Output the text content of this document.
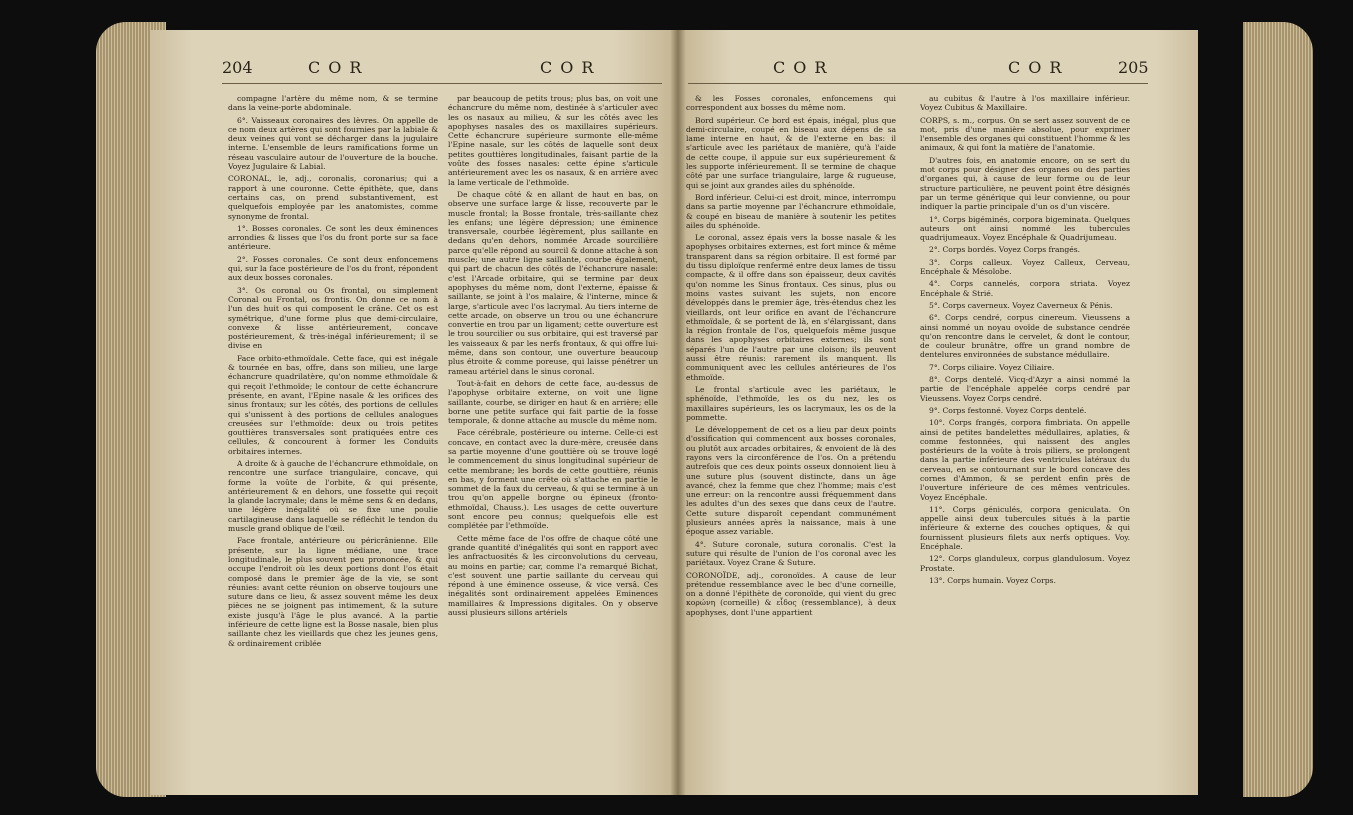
204	COR	COR

compagne l'artère du même nom, & se termine dans la veine-porte abdominale.

6°. Vaisseaux coronaires des lèvres. On appelle de ce nom deux artères qui sont fournies par la labiale & deux veines qui vont se décharger dans la jugulaire interne. L'ensemble de leurs ramifications forme un réseau vasculaire autour de l'ouverture de la bouche. Voyez Jugulaire & Labial.

CORONAL, le, adj., coronalis, coronarius; qui a rapport à une couronne. Cette épithète, que, dans certains cas, on prend substantivement, est quelquefois employée par les anatomistes, comme synonyme de frontal.

1°. Bosses coronales. Ce sont les deux éminences arrondies & lisses que l'os du front porte sur sa face antérieure.

2°. Fosses coronales. Ce sont deux enfoncemens qui, sur la face postérieure de l'os du front, répondent aux deux bosses coronales.

3°. Os coronal ou Os frontal, ou simplement Coronal ou Frontal, os frontis. On donne ce nom à l'un des huit os qui composent le crâne. Cet os est symétrique, d'une forme plus que demi-circulaire, convexe & lisse antérieurement, concave postérieurement, & très-inégal inférieurement; il se divise en

Face orbito-ethmoïdale. Cette face, qui est inégale & tournée en bas, offre, dans son milieu, une large échancrure quadrilatère, qu'on nomme ethmoïdale & qui reçoit l'ethmoïde; le contour de cette échancrure présente, en avant, l'Epine nasale & les orifices des sinus frontaux; sur les côtés, des portions de cellules qui s'unissent à des portions de cellules analogues creusées sur l'ethmoïde: deux ou trois petites gouttières transversales sont pratiquées entre ces cellules, & concourent à former les Conduits orbitaires internes.

A droite & à gauche de l'échancrure ethmoïdale, on rencontre une surface triangulaire, concave, qui forme la voûte de l'orbite, & qui présente, antérieurement & en dehors, une fossette qui reçoit la glande lacrymale; dans le même sens & en dedans, une légère inégalité où se fixe une poulie cartilagineuse dans laquelle se réfléchit le tendon du muscle grand oblique de l'œil.

Face frontale, antérieure ou péricrânienne. Elle présente, sur la ligne médiane, une trace longitudinale, le plus souvent peu prononcée, & qui occupe l'endroit où les deux portions dont l'os était composé dans le premier âge de la vie, se sont réunies: avant cette réunion on observe toujours une suture dans ce lieu, & assez souvent même les deux pièces ne se joignent pas intimement, & la suture existe jusqu'à l'âge le plus avancé. A la partie inférieure de cette ligne est la Bosse nasale, bien plus saillante chez les vieillards que chez les jeunes gens, & ordinairement criblée

par beaucoup de petits trous; plus bas, on voit une échancrure du même nom, destinée à s'articuler avec les os nasaux au milieu, & sur les côtés avec les apophyses nasales des os maxillaires supérieurs. Cette échancrure supérieure surmonte elle-même l'Epine nasale, sur les côtés de laquelle sont deux petites gouttières longitudinales, faisant partie de la voûte des fosses nasales: cette épine s'articule antérieurement avec les os nasaux, & en arrière avec la lame verticale de l'ethmoïde.

De chaque côté & en allant de haut en bas, on observe une surface large & lisse, recouverte par le muscle frontal; la Bosse frontale, très-saillante chez les enfans; une légère dépression; une éminence transversale, courbée légèrement, plus saillante en dedans qu'en dehors, nommée Arcade sourcilière parce qu'elle répond au sourcil & donne attache à son muscle; une autre ligne saillante, courbe également, qui part de chacun des côtés de l'échancrure nasale: c'est l'Arcade orbitaire, qui se termine par deux apophyses du même nom, dont l'externe, épaisse & saillante, se joint à l'os malaire, & l'interne, mince & large, s'articule avec l'os lacrymal. Au tiers interne de cette arcade, on observe un trou ou une échancrure convertie en trou par un ligament; cette ouverture est le trou sourcilier ou sus orbitaire, qui est traversé par les vaisseaux & par les nerfs frontaux, & qui offre lui-même, dans son contour, une ouverture beaucoup plus étroite & comme poreuse, qui laisse pénétrer un rameau artériel dans le sinus coronal.

Tout-à-fait en dehors de cette face, au-dessus de l'apophyse orbitaire externe, on voit une ligne saillante, courbe, se diriger en haut & en arrière; elle borne une petite surface qui fait partie de la fosse temporale, & donne attache au muscle du même nom.

Face cérébrale, postérieure ou interne. Celle-ci est concave, en contact avec la dure-mère, creusée dans sa partie moyenne d'une gouttière où se trouve logé le commencement du sinus longitudinal supérieur de cette membrane; les bords de cette gouttière, réunis en bas, y forment une crête où s'attache en partie le sommet de la faux du cerveau, & qui se termine à un trou qu'on appelle borgne ou épineux (fronto-ethmoïdal, Chauss.). Les usages de cette ouverture sont encore peu connus; quelquefois elle est complétée par l'ethmoïde.

Cette même face de l'os offre de chaque côté une grande quantité d'inégalités qui sont en rapport avec les anfractuosités & les circonvolutions du cerveau, au moins en partie; car, comme l'a remarqué Bichat, c'est souvent une partie saillante du cerveau qui répond à une éminence osseuse, & vice versâ. Ces inégalités sont ordinairement appelées Eminences mamillaires & Impressions digitales. On y observe aussi plusieurs sillons artériels

COR	COR	205

& les Fosses coronales, enfoncemens qui correspondent aux bosses du même nom.

Bord supérieur. Ce bord est épais, inégal, plus que demi-circulaire, coupé en biseau aux dépens de sa lame interne en haut, & de l'externe en bas: il s'articule avec les pariétaux de manière, qu'à l'aide de cette coupe, il appuie sur eux supérieurement & les supporte inférieurement. Il se termine de chaque côté par une surface triangulaire, large & rugueuse, qui se joint aux grandes ailes du sphénoïde.

Bord inférieur. Celui-ci est droit, mince, interrompu dans sa partie moyenne par l'échancrure ethmoïdale, & coupé en biseau de manière à soutenir les petites ailes du sphénoïde.

Le coronal, assez épais vers la bosse nasale & les apophyses orbitaires externes, est fort mince & même transparent dans sa région orbitaire. Il est formé par du tissu diploïque renfermé entre deux lames de tissu compacte, & il offre dans son épaisseur, deux cavités qu'on nomme les Sinus frontaux. Ces sinus, plus ou moins vastes suivant les sujets, non encore développés dans le premier âge, très-étendus chez les vieillards, ont leur orifice en avant de l'échancrure ethmoïdale, & se portent de là, en s'élargissant, dans la région frontale de l'os, quelquefois même jusque dans les apophyses orbitaires externes; ils sont séparés l'un de l'autre par une cloison; ils peuvent aussi être réunis: rarement ils manquent. Ils communiquent avec les cellules antérieures de l'os ethmoïde.

Le frontal s'articule avec les pariétaux, le sphénoïde, l'ethmoïde, les os du nez, les os maxillaires supérieurs, les os lacrymaux, les os de la pommette.

Le développement de cet os a lieu par deux points d'ossification qui commencent aux bosses coronales, ou plutôt aux arcades orbitaires, & envoient de là des rayons vers la circonférence de l'os. On a prétendu autrefois que ces deux points osseux donnoient lieu à une suture plus (souvent distincte, dans un âge avancé, chez la femme que chez l'homme; mais c'est une erreur: on la rencontre aussi fréquemment dans les adultes d'un des sexes que dans ceux de l'autre. Cette suture disparoît cependant communément plusieurs années après la naissance, mais à une époque assez variable.

4°. Suture coronale, sutura coronalis. C'est la suture qui résulte de l'union de l'os coronal avec les pariétaux. Voyez Crane & Suture.

CORONOÏDE, adj., coronoïdes. A cause de leur prétendue ressemblance avec le bec d'une corneille, on a donné l'épithète de coronoïde, qui vient du grec κορώνη (corneille) & εἶδος (ressemblance), à deux apophyses, dont l'une appartient

au cubitus & l'autre à l'os maxillaire inférieur. Voyez Cubitus & Maxillaire.

CORPS, s. m., corpus. On se sert assez souvent de ce mot, pris d'une manière absolue, pour exprimer l'ensemble des organes qui constituent l'homme & les animaux, & qui font la matière de l'anatomie.

D'autres fois, en anatomie encore, on se sert du mot corps pour désigner des organes ou des parties d'organes qui, à cause de leur forme ou de leur structure particulière, ne peuvent point être désignés par un terme générique qui leur convienne, ou pour indiquer la partie principale d'un os d'un viscère.

1°. Corps bigéminés, corpora bigeminata. Quelques auteurs ont ainsi nommé les tubercules quadrijumeaux. Voyez Encéphale & Quadrijumeau.

2°. Corps bordés. Voyez Corps frangés.

3°. Corps calleux. Voyez Calleux, Cerveau, Encéphale & Mésolobe.

4°. Corps cannelés, corpora striata. Voyez Encéphale & Strié.

5°. Corps caverneux. Voyez Caverneux & Pénis.

6°. Corps cendré, corpus cinereum. Vieussens a ainsi nommé un noyau ovoïde de substance cendrée qu'on rencontre dans le cervelet, & dont le contour, de couleur brunâtre, offre un grand nombre de dentelures environnées de substance médullaire.

7°. Corps ciliaire. Voyez Ciliaire.

8°. Corps dentelé. Vicq-d'Azyr a ainsi nommé la partie de l'encéphale appelée corps cendré par Vieussens. Voyez Corps cendré.

9°. Corps festonné. Voyez Corps dentelé.

10°. Corps frangés, corpora fimbriata. On appelle ainsi de petites bandelettes médullaires, aplaties, & comme festonnées, qui naissent des angles postérieurs de la voûte à trois piliers, se prolongent dans la partie inférieure des ventricules latéraux du cerveau, en se contournant sur le bord concave des cornes d'Ammon, & se perdent enfin près de l'ouverture inférieure de ces mêmes ventricules. Voyez Encéphale.

11°. Corps géniculés, corpora geniculata. On appelle ainsi deux tubercules situés à la partie inférieure & externe des couches optiques, & qui fournissent plusieurs filets aux nerfs optiques. Voy. Encéphale.

12°. Corps glanduleux, corpus glandulosum. Voyez Prostate.

13°. Corps humain. Voyez Corps.
